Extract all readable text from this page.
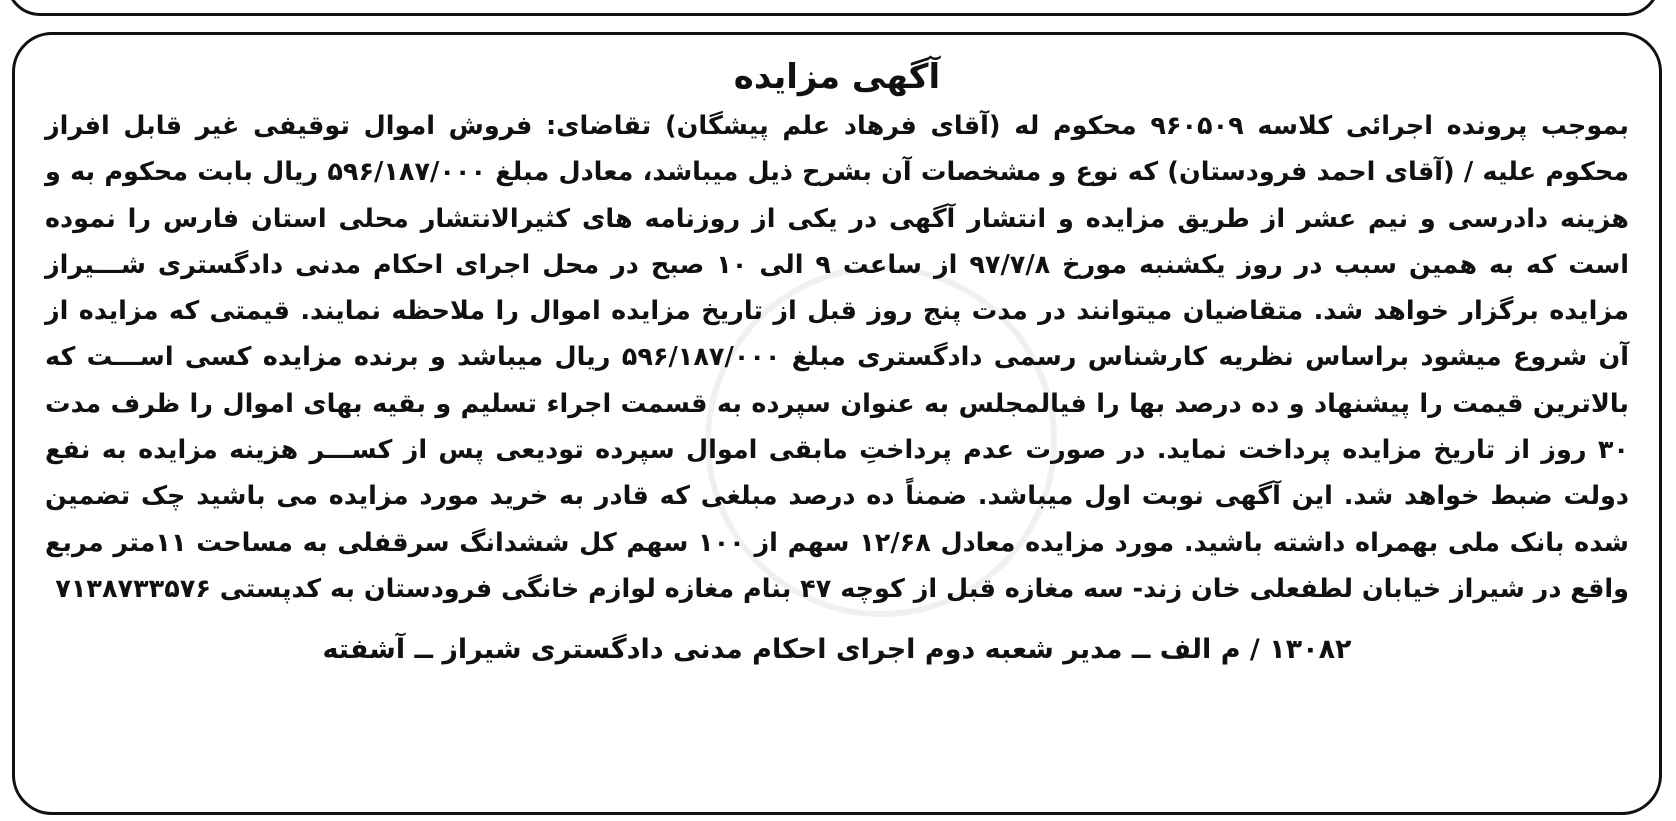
آگهی مزایده

بموجب پرونده اجرائی کلاسه ۹۶۰۵۰۹ محکوم له (آقای فرهاد علم پیشگان) تقاضای: فروش اموال توقیفی غیر قابل افراز محکوم علیه / (آقای احمد فرودستان) که نوع و مشخصات آن بشرح ذیل میباشد، معادل مبلغ ۵۹۶/۱۸۷/۰۰۰ ریال بابت محکوم به و هزینه دادرسی و نیم عشر از طریق مزایده و انتشار آگهی در یکی از روزنامه های کثیرالانتشار محلی استان فارس را نموده است که به همین سبب در روز یکشنبه مورخ ۹۷/۷/۸ از ساعت ۹ الی ۱۰ صبح در محل اجرای احکام مدنی دادگستری شـــیراز مزایده برگزار خواهد شد. متقاضیان میتوانند در مدت پنج روز قبل از تاریخ مزایده اموال را ملاحظه نمایند. قیمتی که مزایده از آن شروع میشود براساس نظریه کارشناس رسمی دادگستری مبلغ ۵۹۶/۱۸۷/۰۰۰ ریال میباشد و برنده مزایده کسی اســـت که بالاترین قیمت را پیشنهاد و ده درصد بها را فیالمجلس به عنوان سپرده به قسمت اجراء تسلیم و بقیه بهای اموال را ظرف مدت ۳۰ روز از تاریخ مزایده پرداخت نماید. در صورت عدم پرداختِ مابقی اموال سپرده تودیعی پس از کســـر هزینه مزایده به نفع دولت ضبط خواهد شد. این آگهی نوبت اول میباشد. ضمناً ده درصد مبلغی که قادر به خرید مورد مزایده می باشید چک تضمین شده بانک ملی بهمراه داشته باشید. مورد مزایده معادل ۱۲/۶۸ سهم از ۱۰۰ سهم کل ششدانگ سرقفلی به مساحت ۱۱متر مربع واقع در شیراز خیابان لطفعلی خان زند- سه مغازه قبل از کوچه ۴۷ بنام مغازه لوازم خانگی فرودستان به کدپستی ۷۱۳۸۷۳۳۵۷۶

۱۳۰۸۲ / م الف ــ مدیر شعبه دوم اجرای احکام مدنی دادگستری شیراز ــ آشفته
